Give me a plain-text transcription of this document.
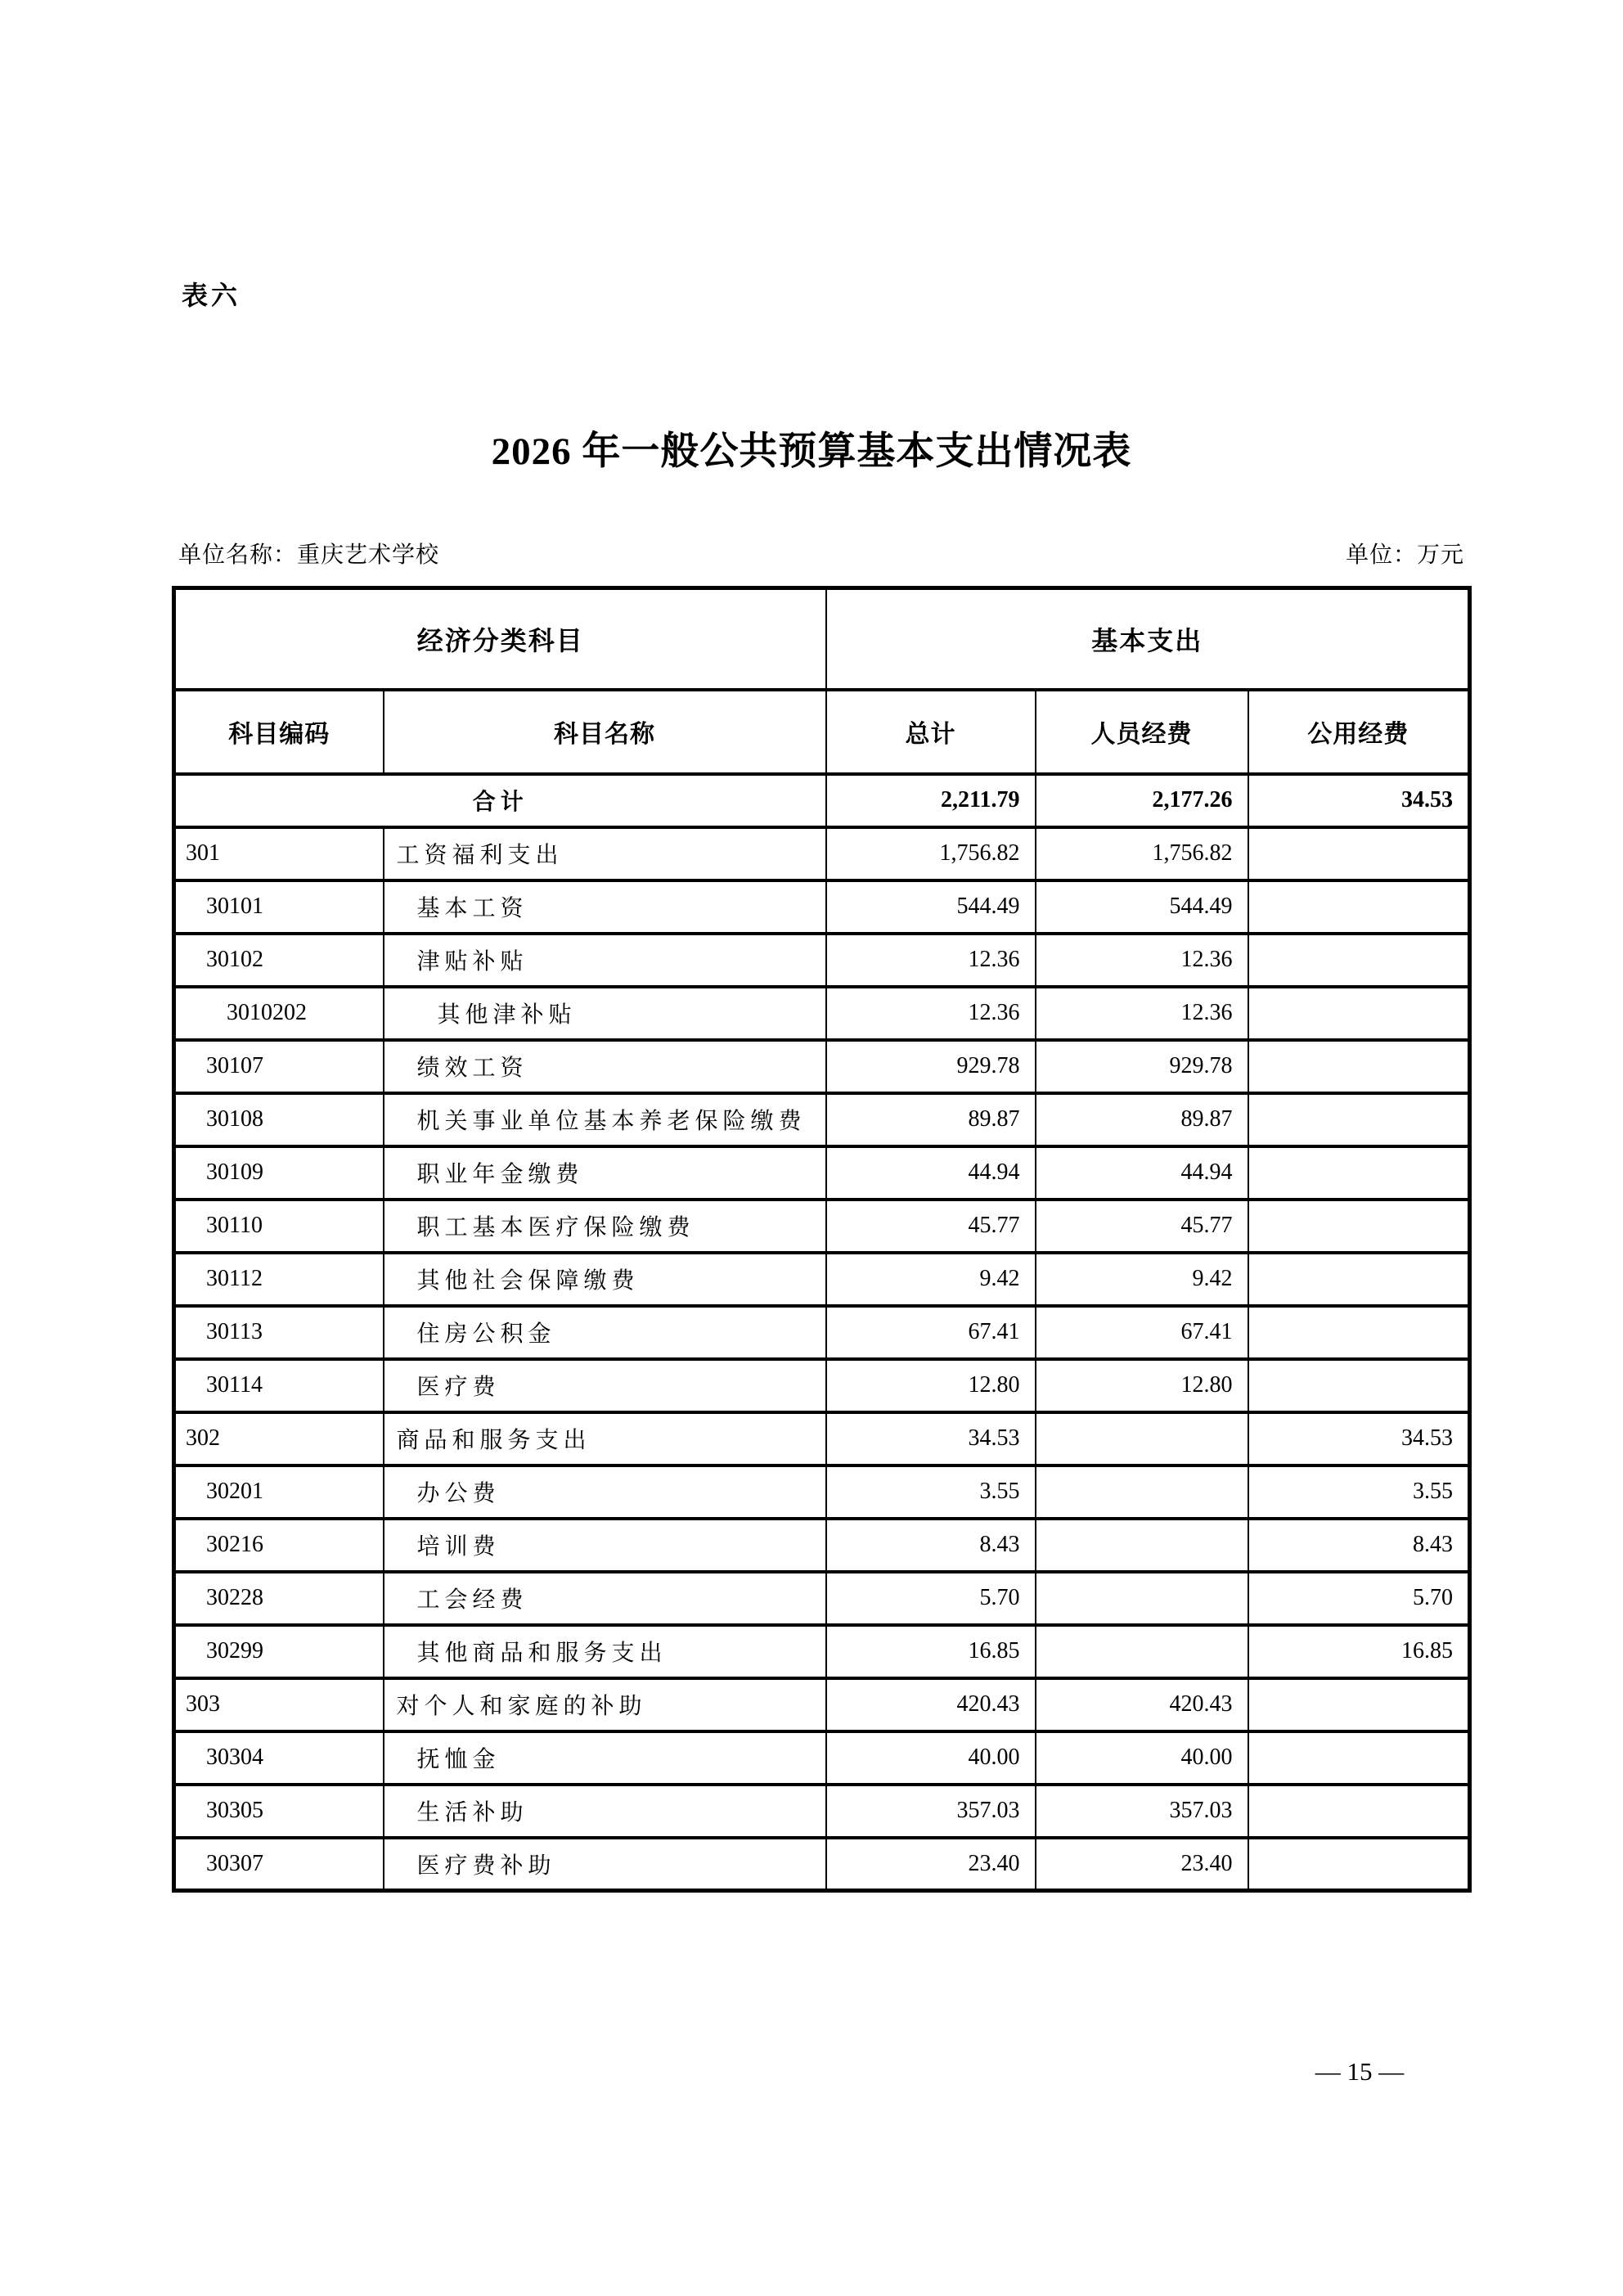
表六
2026 年一般公共预算基本支出情况表
单位名称：重庆艺术学校	单位：万元
经济分类科目		基本支出		
科目编码	科目名称	总计	人员经费	公用经费
合计		2,211.79	2,177.26	34.53
301	工资福利支出	1,756.82	1,756.82	
30101	基本工资	544.49	544.49	
30102	津贴补贴	12.36	12.36	
3010202	其他津补贴	12.36	12.36	
30107	绩效工资	929.78	929.78	
30108	机关事业单位基本养老保险缴费	89.87	89.87	
30109	职业年金缴费	44.94	44.94	
30110	职工基本医疗保险缴费	45.77	45.77	
30112	其他社会保障缴费	9.42	9.42	
30113	住房公积金	67.41	67.41	
30114	医疗费	12.80	12.80	
302	商品和服务支出	34.53		34.53
30201	办公费	3.55		3.55
30216	培训费	8.43		8.43
30228	工会经费	5.70		5.70
30299	其他商品和服务支出	16.85		16.85
303	对个人和家庭的补助	420.43	420.43	
30304	抚恤金	40.00	40.00	
30305	生活补助	357.03	357.03	
30307	医疗费补助	23.40	23.40	
— 15 —
